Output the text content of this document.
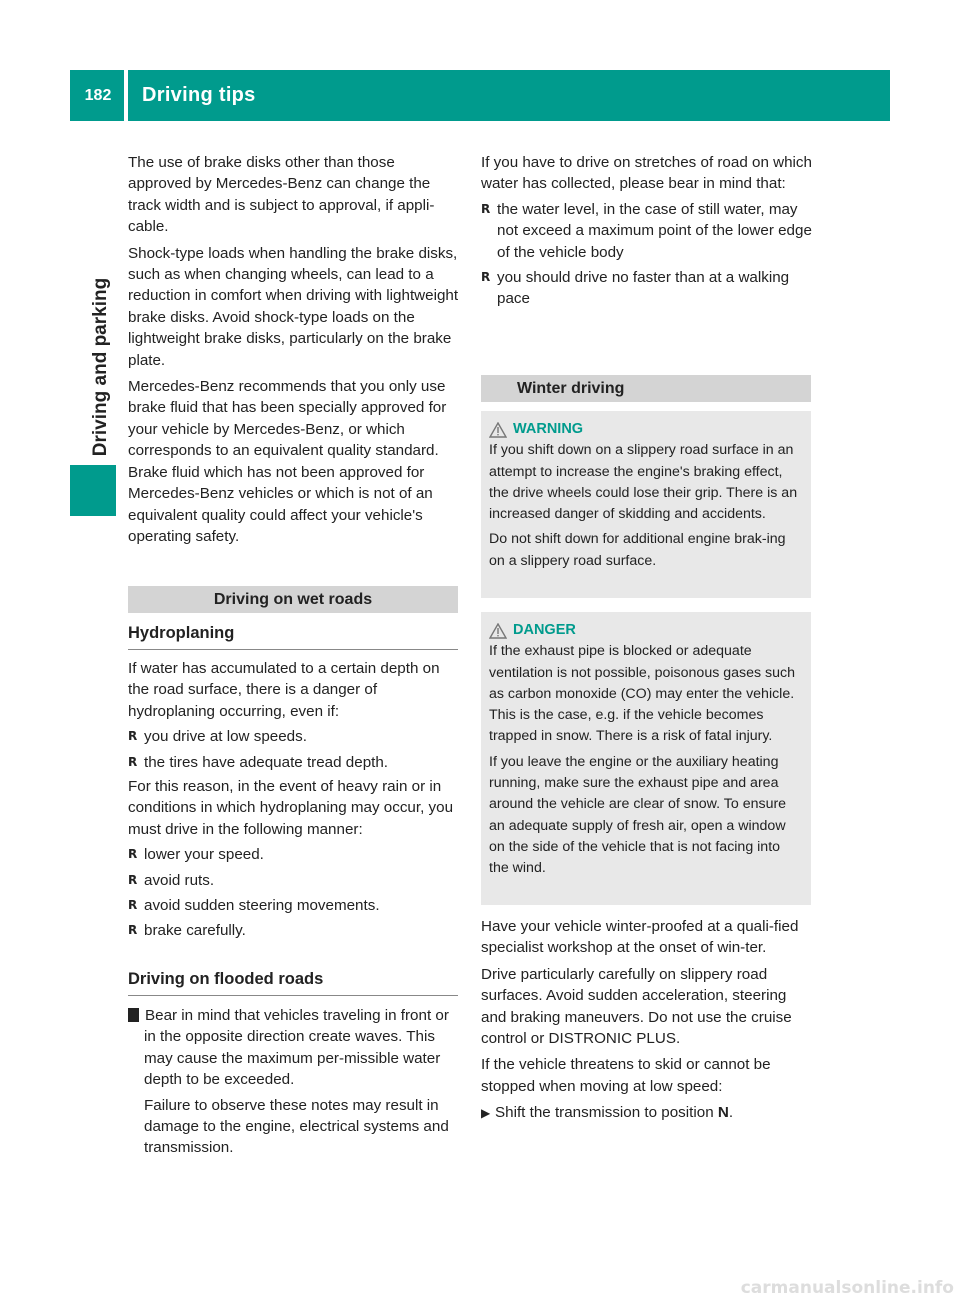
182	Driving tips
Driving and parking

The use of brake disks other than those approved by Mercedes-Benz can change the track width and is subject to approval, if appli-cable.

Shock-type loads when handling the brake disks, such as when changing wheels, can lead to a reduction in comfort when driving with lightweight brake disks. Avoid shock-type loads on the lightweight brake disks, particularly on the brake plate.

Mercedes-Benz recommends that you only use brake fluid that has been specially approved for your vehicle by Mercedes-Benz, or which corresponds to an equivalent quality standard. Brake fluid which has not been approved for Mercedes-Benz vehicles or which is not of an equivalent quality could affect your vehicle's operating safety.

Driving on wet roads
Hydroplaning

If water has accumulated to a certain depth on the road surface, there is a danger of hydroplaning occurring, even if:

R you drive at low speeds.
R the tires have adequate tread depth.

For this reason, in the event of heavy rain or in conditions in which hydroplaning may occur, you must drive in the following manner:

R lower your speed.
R avoid ruts.
R avoid sudden steering movements.
R brake carefully.
Driving on flooded roads

! Bear in mind that vehicles traveling in front or in the opposite direction create waves. This may cause the maximum per-missible water depth to be exceeded.

Failure to observe these notes may result in damage to the engine, electrical systems and transmission.

If you have to drive on stretches of road on which water has collected, please bear in mind that:

R the water level, in the case of still water, may not exceed a maximum point of the lower edge of the vehicle body
R you should drive no faster than at a walking pace
Winter driving
WARNING

If you shift down on a slippery road surface in an attempt to increase the engine's braking effect, the drive wheels could lose their grip. There is an increased danger of skidding and accidents.

Do not shift down for additional engine brak-ing on a slippery road surface.

DANGER

If the exhaust pipe is blocked or adequate ventilation is not possible, poisonous gases such as carbon monoxide (CO) may enter the vehicle. This is the case, e.g. if the vehicle becomes trapped in snow. There is a risk of fatal injury.

If you leave the engine or the auxiliary heating running, make sure the exhaust pipe and area around the vehicle are clear of snow. To ensure an adequate supply of fresh air, open a window on the side of the vehicle that is not facing into the wind.

Have your vehicle winter-proofed at a quali-fied specialist workshop at the onset of win-ter.

Drive particularly carefully on slippery road surfaces. Avoid sudden acceleration, steering and braking maneuvers. Do not use the cruise control or DISTRONIC PLUS.

If the vehicle threatens to skid or cannot be stopped when moving at low speed:

▶ Shift the transmission to position N.

carmanualsonline.info
